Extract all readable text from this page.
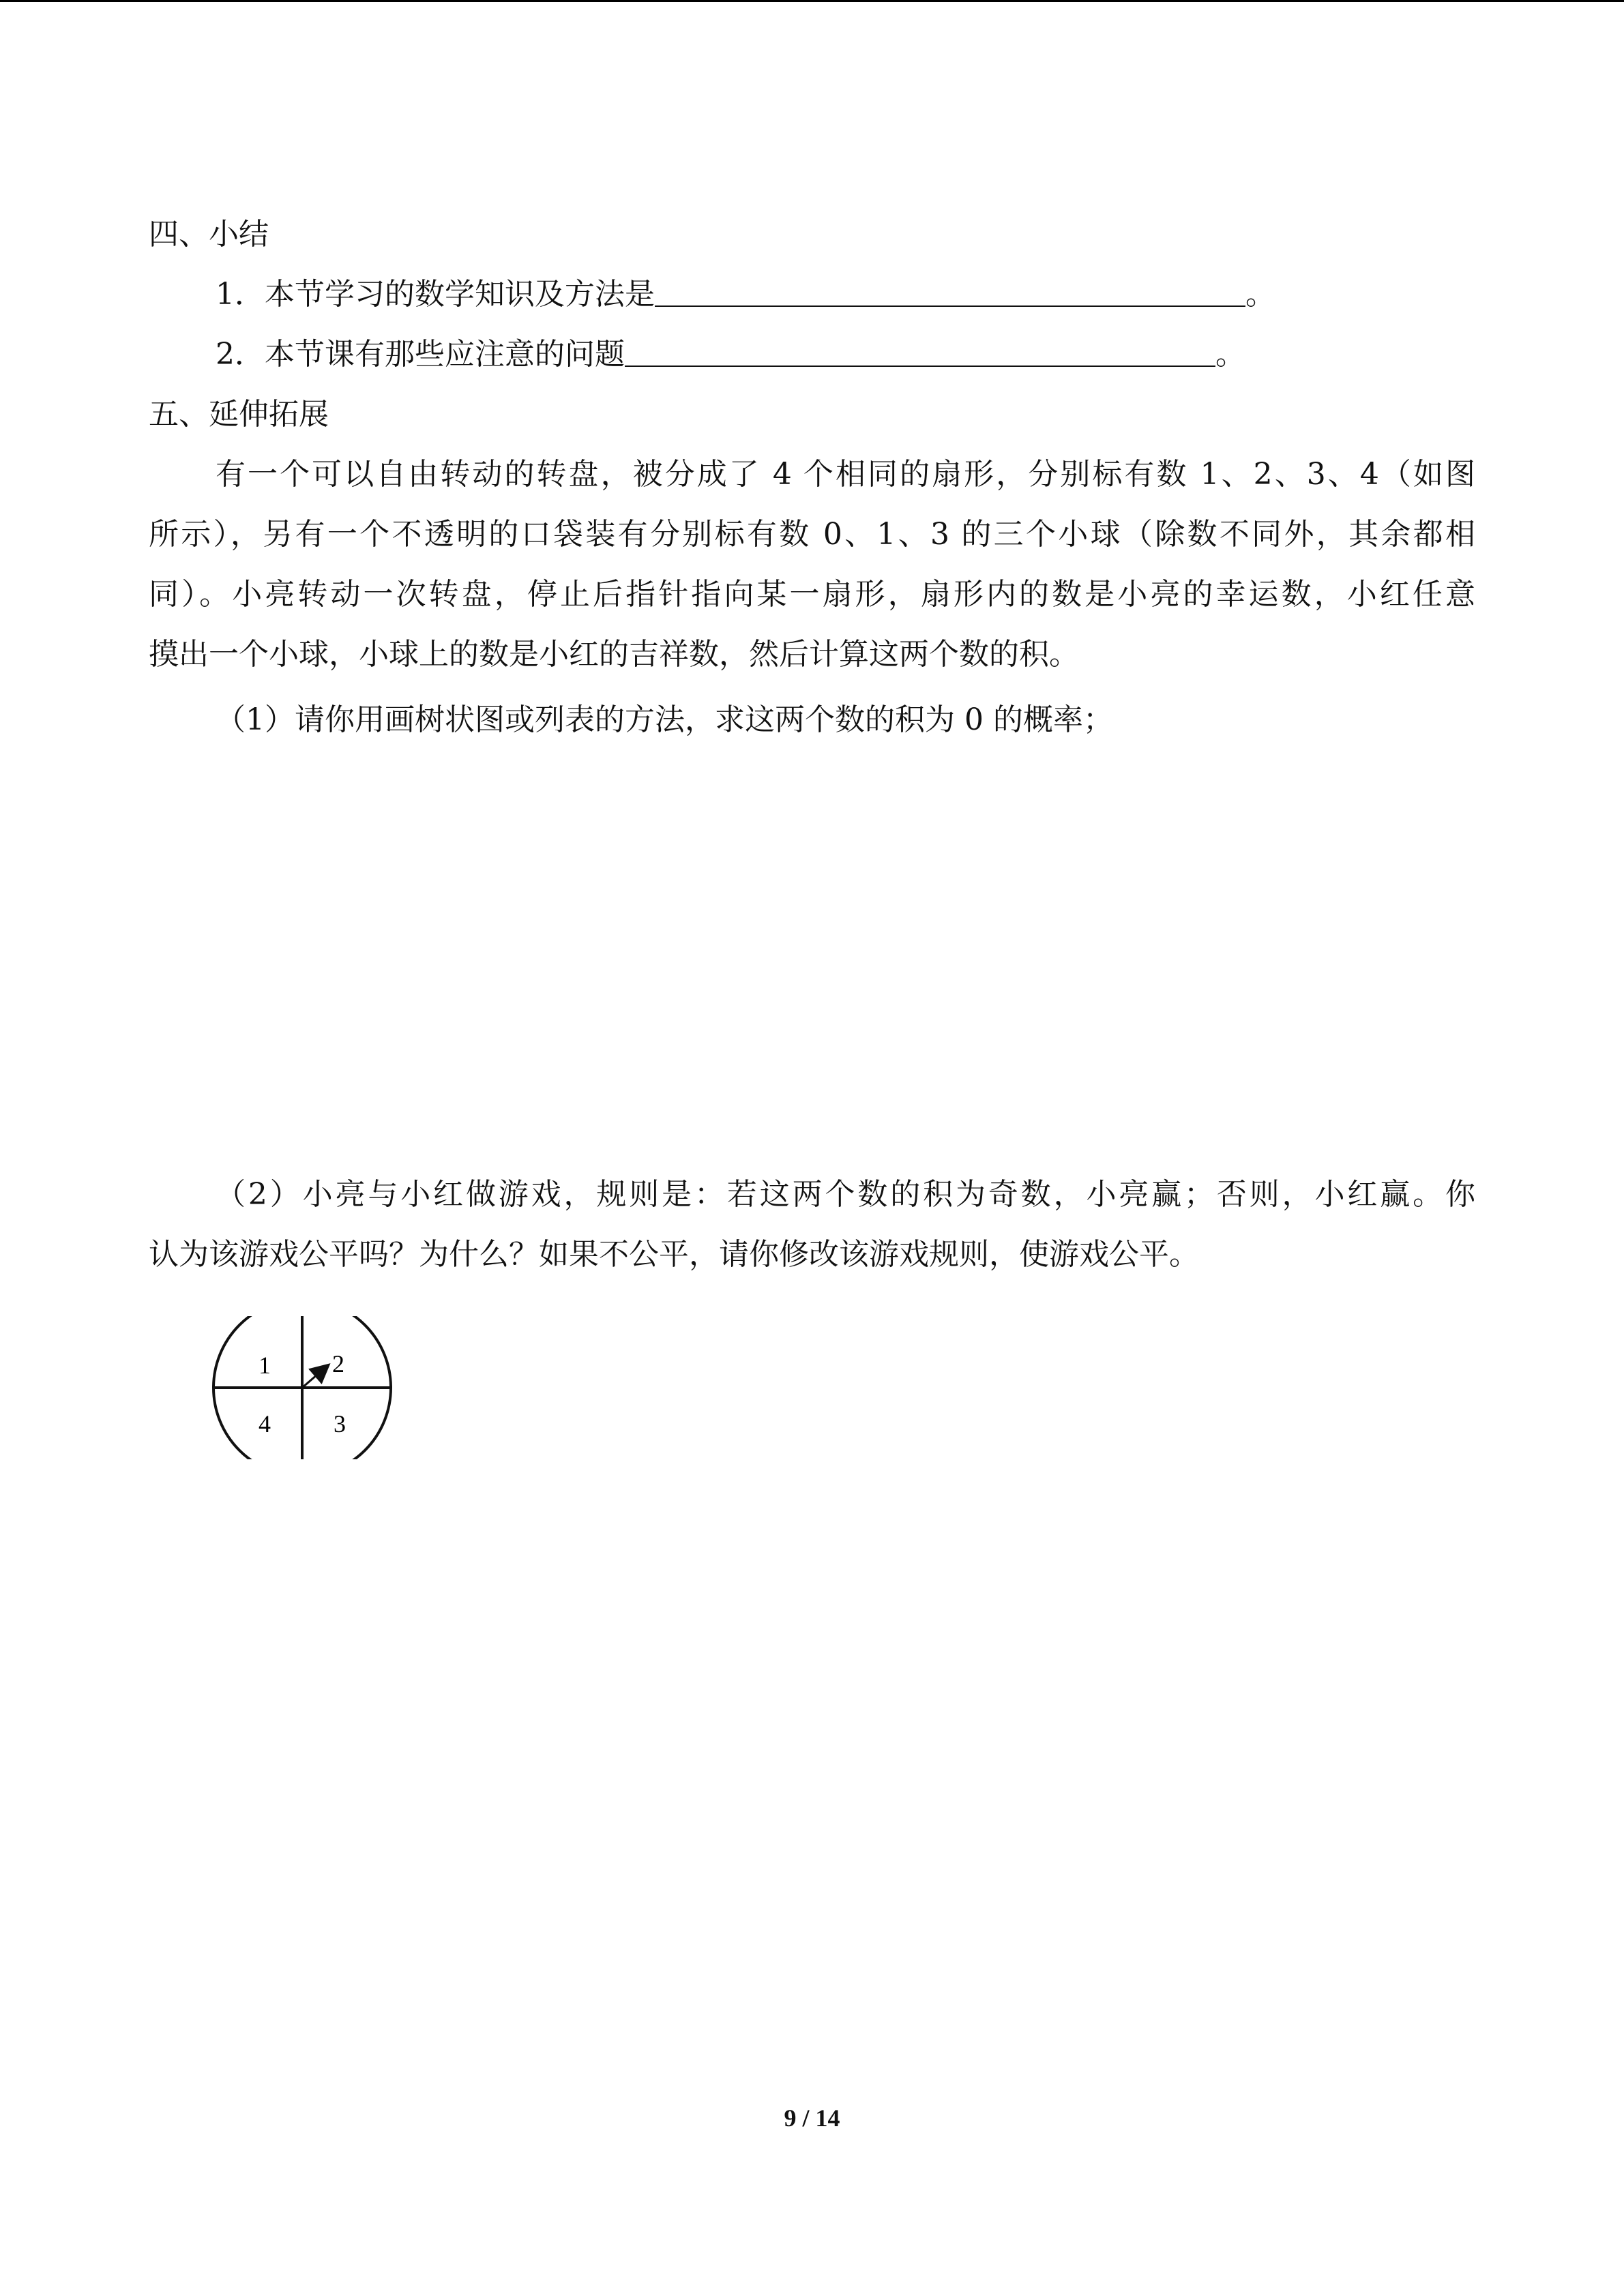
四、小结
1．本节学习的数学知识及方法是	。
2．本节课有那些应注意的问题	。
五、延伸拓展
有一个可以自由转动的转盘，被分成了 4 个相同的扇形，分别标有数 1、2、3、4（如图
所示），另有一个不透明的口袋装有分别标有数 0、1、3 的三个小球（除数不同外，其余都相
同）。小亮转动一次转盘，停止后指针指向某一扇形，扇形内的数是小亮的幸运数，小红任意
摸出一个小球，小球上的数是小红的吉祥数，然后计算这两个数的积。
（1）请你用画树状图或列表的方法，求这两个数的积为 0 的概率；
（2）小亮与小红做游戏，规则是：若这两个数的积为奇数，小亮赢；否则，小红赢。你
认为该游戏公平吗？为什么？如果不公平，请你修改该游戏规则，使游戏公平。
1	2
3
4
9 / 14
